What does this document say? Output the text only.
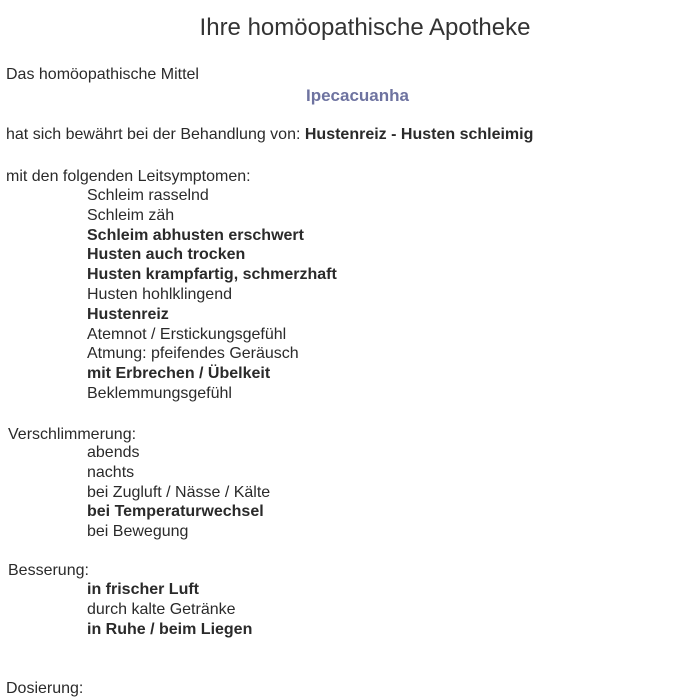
Ihre homöopathische Apotheke
Das homöopathische Mittel
Ipecacuanha
hat sich bewährt bei der Behandlung von: Hustenreiz - Husten schleimig
mit den folgenden Leitsymptomen:
Schleim rasselnd
Schleim zäh
Schleim abhusten erschwert
Husten auch trocken
Husten krampfartig, schmerzhaft
Husten hohlklingend
Hustenreiz
Atemnot / Erstickungsgefühl
Atmung: pfeifendes Geräusch
mit Erbrechen / Übelkeit
Beklemmungsgefühl
Verschlimmerung:
abends
nachts
bei Zugluft / Nässe / Kälte
bei Temperaturwechsel
bei Bewegung
Besserung:
in frischer Luft
durch kalte Getränke
in Ruhe / beim Liegen
Dosierung:
